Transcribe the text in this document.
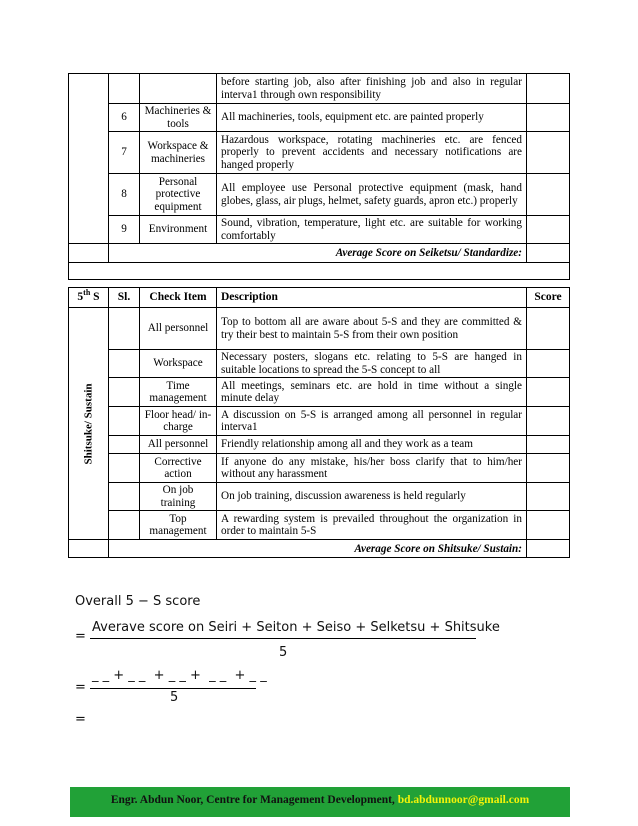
			before starting job, also after finishing job and also in regular interva1 through own responsibility	
	6	Machineries & tools	All machineries, tools, equipment etc. are painted properly	
	7	Workspace & machineries	Hazardous workspace, rotating machineries etc. are fenced properly to prevent accidents and necessary notifications are hanged properly	
	8	Personal protective equipment	All employee use Personal protective equipment (mask, hand globes, glass, air plugs, helmet, safety guards, apron etc.) properly	
	9	Environment	Sound, vibration, temperature, light etc. are suitable for working comfortably	
	Average Score on Seiketsu/ Standardize:			

5th S	Sl.	Check Item	Description	Score

Shitsuke/ Sustain		All personnel	Top to bottom all are aware about 5-S and they are committed & try their best to maintain 5-S from their own position	
		Workspace	Necessary posters, slogans etc. relating to 5-S are hanged in suitable locations to spread the 5-S concept to all	
		Time management	All meetings, seminars etc. are hold in time without a single minute delay	
		Floor head/ in-charge	A discussion on 5-S is arranged among all personnel in regular interva1	
		All personnel	Friendly relationship among all and they work as a team	
		Corrective action	If anyone do any mistake, his/her boss clarify that to him/her without any harassment	
		On job training	On job training, discussion awareness is held regularly	
		Top management	A rewarding system is prevailed throughout the organization in order to maintain 5-S	
	Average Score on Shitsuke/ Sustain:			
Overall 5 − S score
=
Averave score on Seiri + Seiton + Seiso + Selketsu + Shitsuke
5
=
_ _ + _ _  + _ _ +  _ _  + _ _
5
=
Engr. Abdun Noor, Centre for Management Development, bd.abdunnoor@gmail.com
